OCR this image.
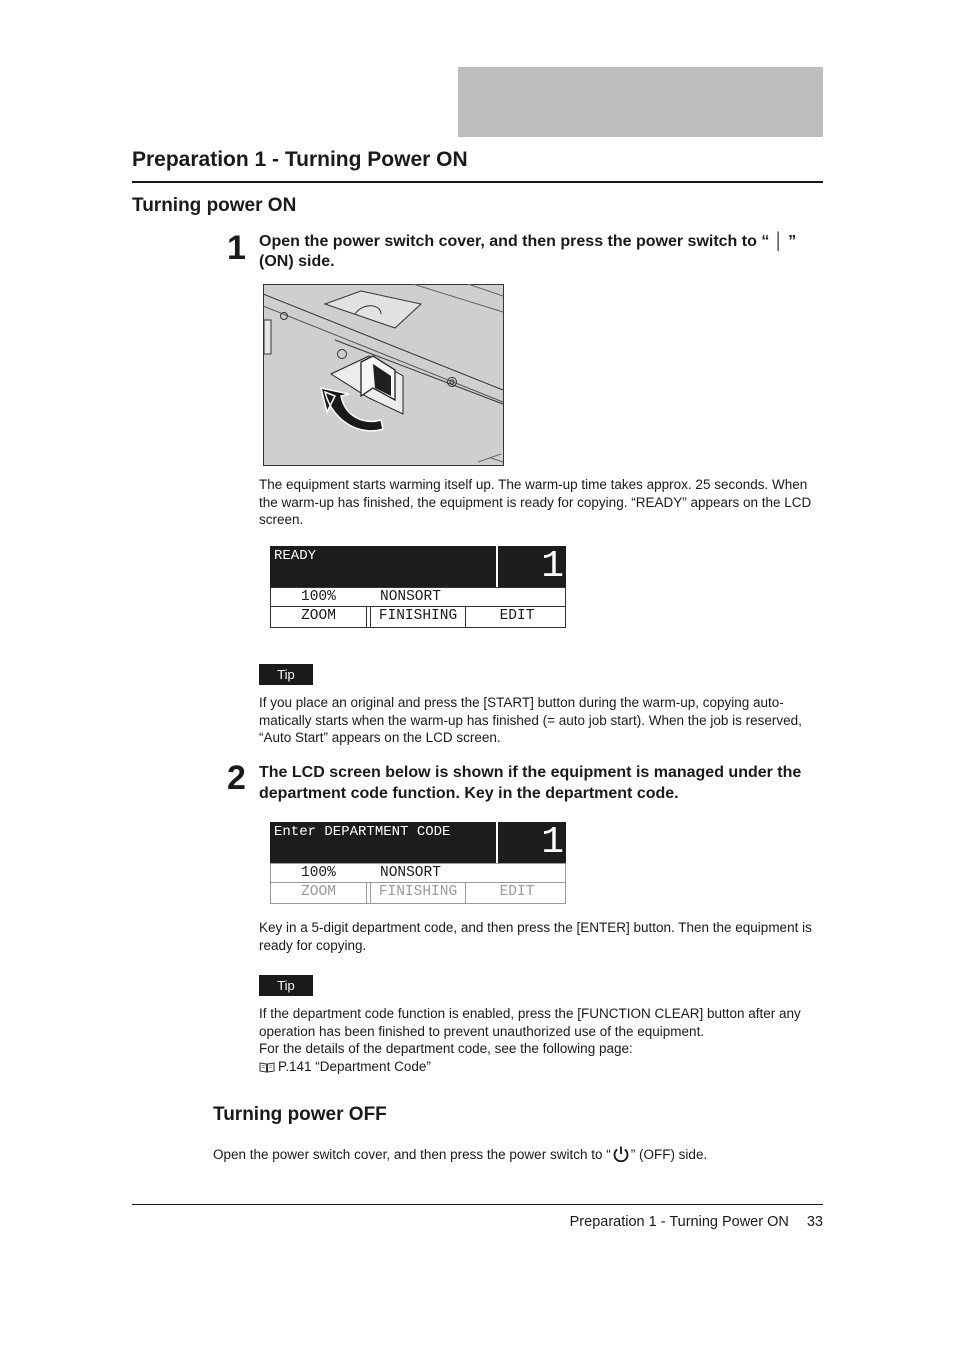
Preparation 1 - Turning Power ON
Turning power ON
1 Open the power switch cover, and then press the power switch to “ │ ” (ON) side.
The equipment starts warming itself up. The warm-up time takes approx. 25 seconds. When the warm-up has finished, the equipment is ready for copying. “READY” appears on the LCD screen.
READY	1
100%	NONSORT
ZOOM	FINISHING	EDIT
Tip
If you place an original and press the [START] button during the warm-up, copying auto-matically starts when the warm-up has finished (= auto job start). When the job is reserved, “Auto Start” appears on the LCD screen.
2 The LCD screen below is shown if the equipment is managed under the department code function. Key in the department code.
Enter DEPARTMENT CODE	1
100%	NONSORT
ZOOM	FINISHING	EDIT
Key in a 5-digit department code, and then press the [ENTER] button. Then the equipment is ready for copying.
Tip
If the department code function is enabled, press the [FUNCTION CLEAR] button after any operation has been finished to prevent unauthorized use of the equipment.
For the details of the department code, see the following page:
P.141 “Department Code”
Turning power OFF
Open the power switch cover, and then press the power switch to “ ” (OFF) side.
Preparation 1 - Turning Power ON 33
